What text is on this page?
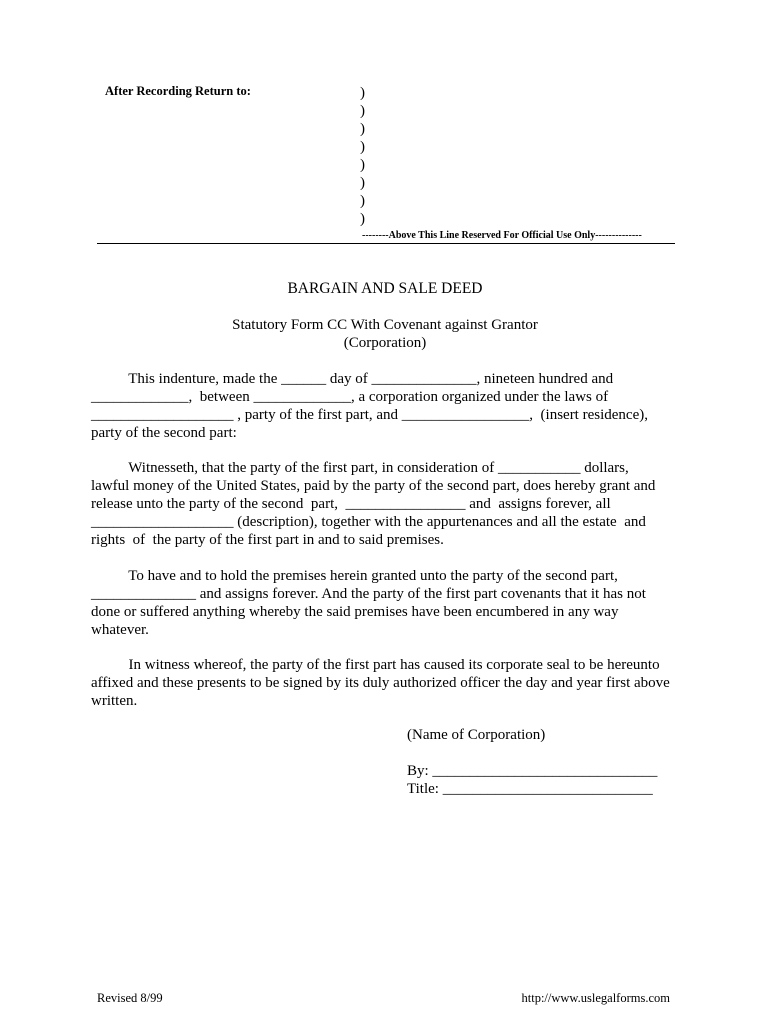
After Recording Return to:	)
)
)
)
)
)
)
)
--------Above This Line Reserved For Official Use Only--------------
BARGAIN AND SALE DEED
Statutory Form CC With Covenant against Grantor
(Corporation)
This indenture, made the ______ day of ______________, nineteen hundred and
_____________,  between _____________, a corporation organized under the laws of
___________________ , party of the first part, and _________________,  (insert residence),
party of the second part:
Witnesseth, that the party of the first part, in consideration of ___________ dollars,
lawful money of the United States, paid by the party of the second part, does hereby grant and
release unto the party of the second  part,  ________________ and  assigns forever, all
___________________ (description), together with the appurtenances and all the estate  and
rights  of  the party of the first part in and to said premises.
To have and to hold the premises herein granted unto the party of the second part,
______________ and assigns forever. And the party of the first part covenants that it has not
done or suffered anything whereby the said premises have been encumbered in any way
whatever.
In witness whereof, the party of the first part has caused its corporate seal to be hereunto
affixed and these presents to be signed by its duly authorized officer the day and year first above
written.
(Name of Corporation)
By: ______________________________
Title: ____________________________
Revised 8/99	http://www.uslegalforms.com
